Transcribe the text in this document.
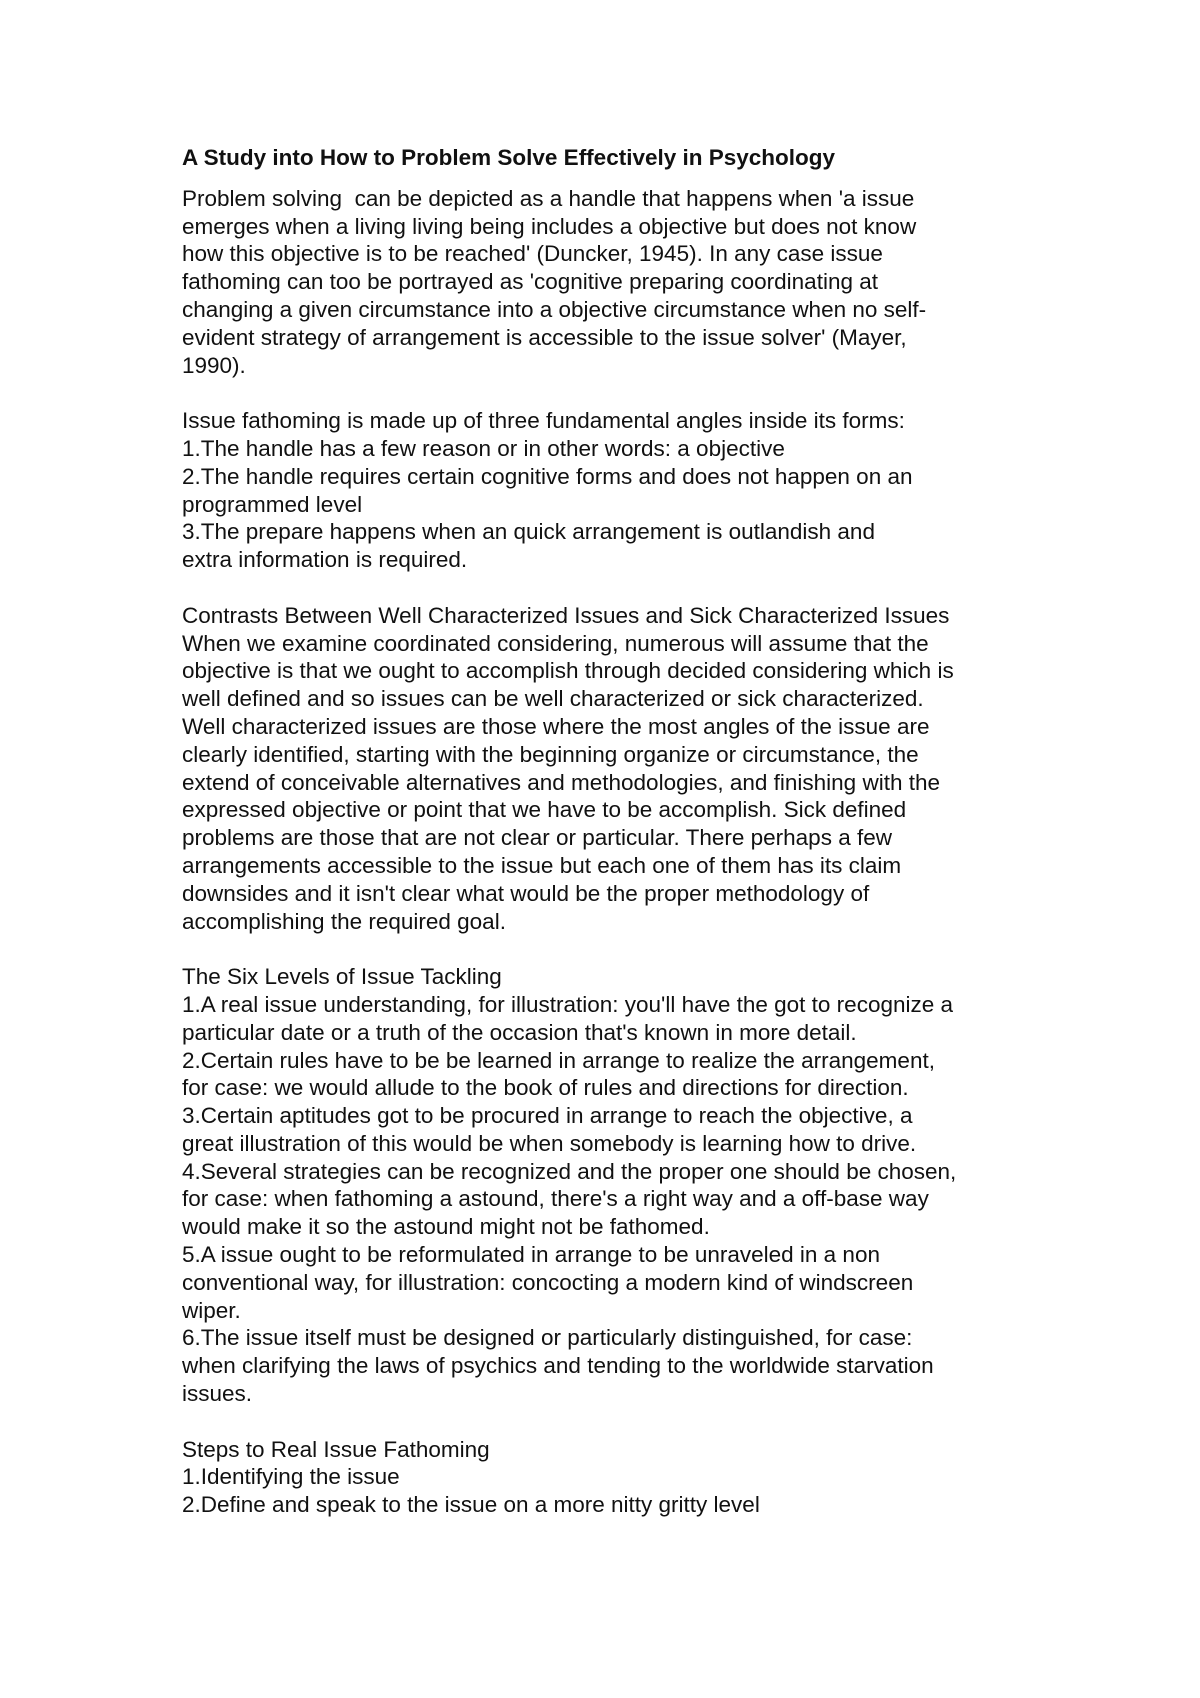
A Study into How to Problem Solve Effectively in Psychology
Problem solving  can be depicted as a handle that happens when 'a issue
emerges when a living living being includes a objective but does not know
how this objective is to be reached' (Duncker, 1945). In any case issue
fathoming can too be portrayed as 'cognitive preparing coordinating at
changing a given circumstance into a objective circumstance when no self-
evident strategy of arrangement is accessible to the issue solver' (Mayer,
1990).
Issue fathoming is made up of three fundamental angles inside its forms:
1.The handle has a few reason or in other words: a objective
2.The handle requires certain cognitive forms and does not happen on an
programmed level
3.The prepare happens when an quick arrangement is outlandish and
extra information is required.
Contrasts Between Well Characterized Issues and Sick Characterized Issues
When we examine coordinated considering, numerous will assume that the
objective is that we ought to accomplish through decided considering which is
well defined and so issues can be well characterized or sick characterized.
Well characterized issues are those where the most angles of the issue are
clearly identified, starting with the beginning organize or circumstance, the
extend of conceivable alternatives and methodologies, and finishing with the
expressed objective or point that we have to be accomplish. Sick defined
problems are those that are not clear or particular. There perhaps a few
arrangements accessible to the issue but each one of them has its claim
downsides and it isn't clear what would be the proper methodology of
accomplishing the required goal.
The Six Levels of Issue Tackling
1.A real issue understanding, for illustration: you'll have the got to recognize a
particular date or a truth of the occasion that's known in more detail.
2.Certain rules have to be be learned in arrange to realize the arrangement,
for case: we would allude to the book of rules and directions for direction.
3.Certain aptitudes got to be procured in arrange to reach the objective, a
great illustration of this would be when somebody is learning how to drive.
4.Several strategies can be recognized and the proper one should be chosen,
for case: when fathoming a astound, there's a right way and a off-base way
would make it so the astound might not be fathomed.
5.A issue ought to be reformulated in arrange to be unraveled in a non
conventional way, for illustration: concocting a modern kind of windscreen
wiper.
6.The issue itself must be designed or particularly distinguished, for case:
when clarifying the laws of psychics and tending to the worldwide starvation
issues.
Steps to Real Issue Fathoming
1.Identifying the issue
2.Define and speak to the issue on a more nitty gritty level
